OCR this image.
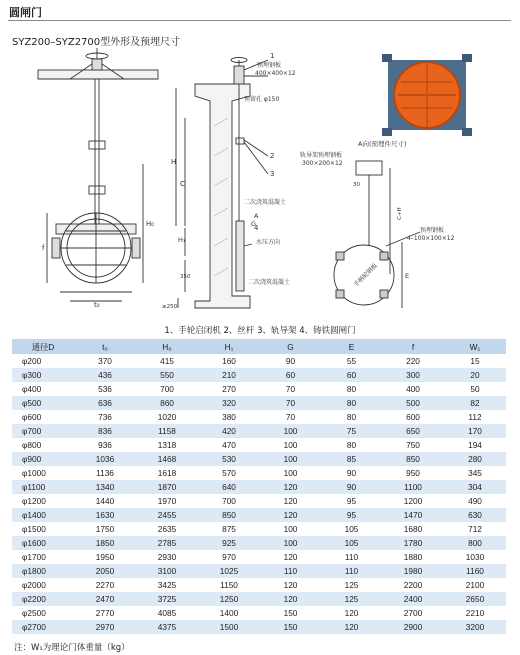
圆闸门
SYZ200–SYZ2700型外形及预埋尺寸
t₀
f
H₀
1
预埋钢板
400×400×12
预留孔 φ150
2
3
G
二次浇筑混凝土
A
4
水压方向
二次浇筑混凝土
H
C
H₁
350
≥250
A向(预埋件尺寸)
轨导架预埋钢板
300×200×12
30
C+H
预埋钢板
4–100×100×12
E
手柄轮钢板
1、手轮启闭机 2、丝杆 3、轨导架 4、铸铁圆闸门
通径D	t₀	H₀	H₁	G	E	f	W₁
φ200	370	415	160	90	55	220	15
φ300	436	550	210	60	60	300	20
φ400	536	700	270	70	80	400	50
φ500	636	860	320	70	80	500	82
φ600	736	1020	380	70	80	600	112
φ700	836	1158	420	100	75	650	170
φ800	936	1318	470	100	80	750	194
φ900	1036	1468	530	100	85	850	280
φ1000	1136	1618	570	100	90	950	345
φ1100	1340	1870	640	120	90	1100	304
φ1200	1440	1970	700	120	95	1200	490
φ1400	1630	2455	850	120	95	1470	630
φ1500	1750	2635	875	100	105	1680	712
φ1600	1850	2785	925	100	105	1780	800
φ1700	1950	2930	970	120	110	1880	1030
φ1800	2050	3100	1025	110	110	1980	1160
φ2000	2270	3425	1150	120	125	2200	2100
φ2200	2470	3725	1250	120	125	2400	2650
φ2500	2770	4085	1400	150	120	2700	2210
φ2700	2970	4375	1500	150	120	2900	3200
注：W₁为理论门体重量（kg）
